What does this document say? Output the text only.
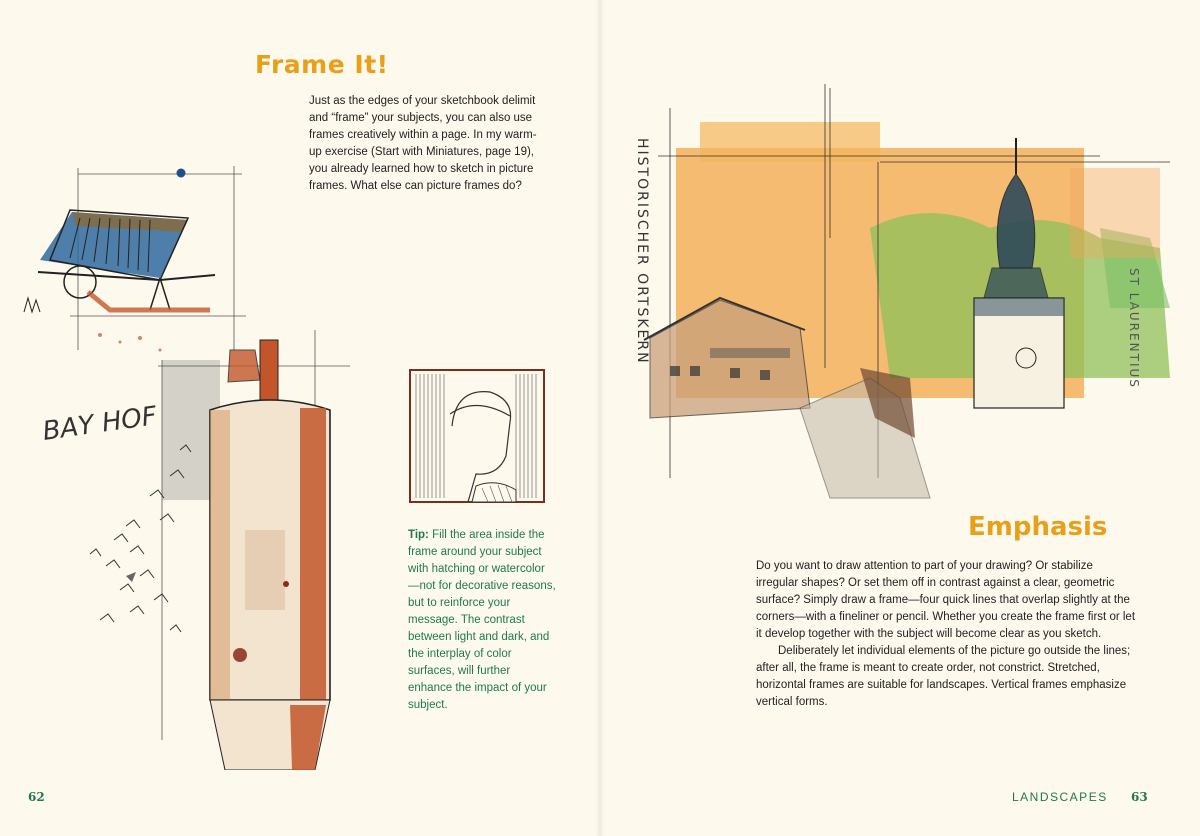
Frame It!

Just as the edges of your sketchbook delimit and “frame” your subjects, you can also use frames creatively within a page. In my warm-up exercise (Start with Miniatures, page 19), you already learned how to sketch in picture frames. What else can picture frames do?

BAY HOF

Tip: Fill the area inside the frame around your subject with hatching or watercolor—not for decorative reasons, but to reinforce your message. The contrast between light and dark, and the interplay of color surfaces, will further enhance the impact of your subject.

62
HISTORISCHER ORTSKERN	ST LAURENTIUS
Emphasis

Do you want to draw attention to part of your drawing? Or stabilize irregular shapes? Or set them off in contrast against a clear, geometric surface? Simply draw a frame—four quick lines that overlap slightly at the corners—with a fineliner or pencil. Whether you create the frame first or let it develop together with the subject will become clear as you sketch.

Deliberately let individual elements of the picture go outside the lines; after all, the frame is meant to create order, not constrict. Stretched, horizontal frames are suitable for landscapes. Vertical frames emphasize vertical forms.

LANDSCAPES 63
